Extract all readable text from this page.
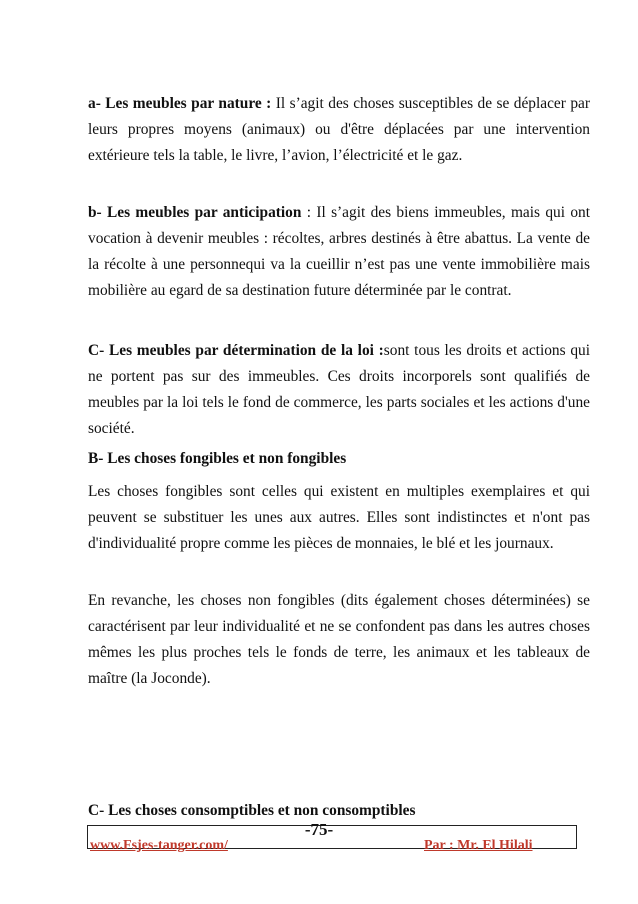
a- Les meubles par nature : Il s’agit des choses susceptibles de se déplacer par leurs propres moyens (animaux) ou d'être déplacées par une intervention extérieure tels la table, le livre, l’avion, l’électricité et le gaz.

b- Les meubles par anticipation : Il s’agit des biens immeubles, mais qui ont vocation à devenir meubles : récoltes, arbres destinés à être abattus. La vente de la récolte à une personnequi va la cueillir n’est pas une vente immobilière mais mobilière au egard de sa destination future déterminée par le contrat.

C- Les meubles par détermination de la loi :sont tous les droits et actions qui ne portent pas sur des immeubles. Ces droits incorporels sont qualifiés de meubles par la loi tels le fond de commerce, les parts sociales et les actions d'une société.

B- Les choses fongibles et non fongibles

Les choses fongibles sont celles qui existent en multiples exemplaires et qui peuvent se substituer les unes aux autres. Elles sont indistinctes et n'ont pas d'individualité propre comme les pièces de monnaies, le blé et les journaux.

En revanche, les choses non fongibles (dits également choses déterminées) se caractérisent par leur individualité et ne se confondent pas dans les autres choses mêmes les plus proches tels le fonds de terre, les animaux et les tableaux de maître (la Joconde).

C- Les choses consomptibles et non consomptibles

-75-
www.Fsjes-tanger.com/	Par : Mr. El Hilali
